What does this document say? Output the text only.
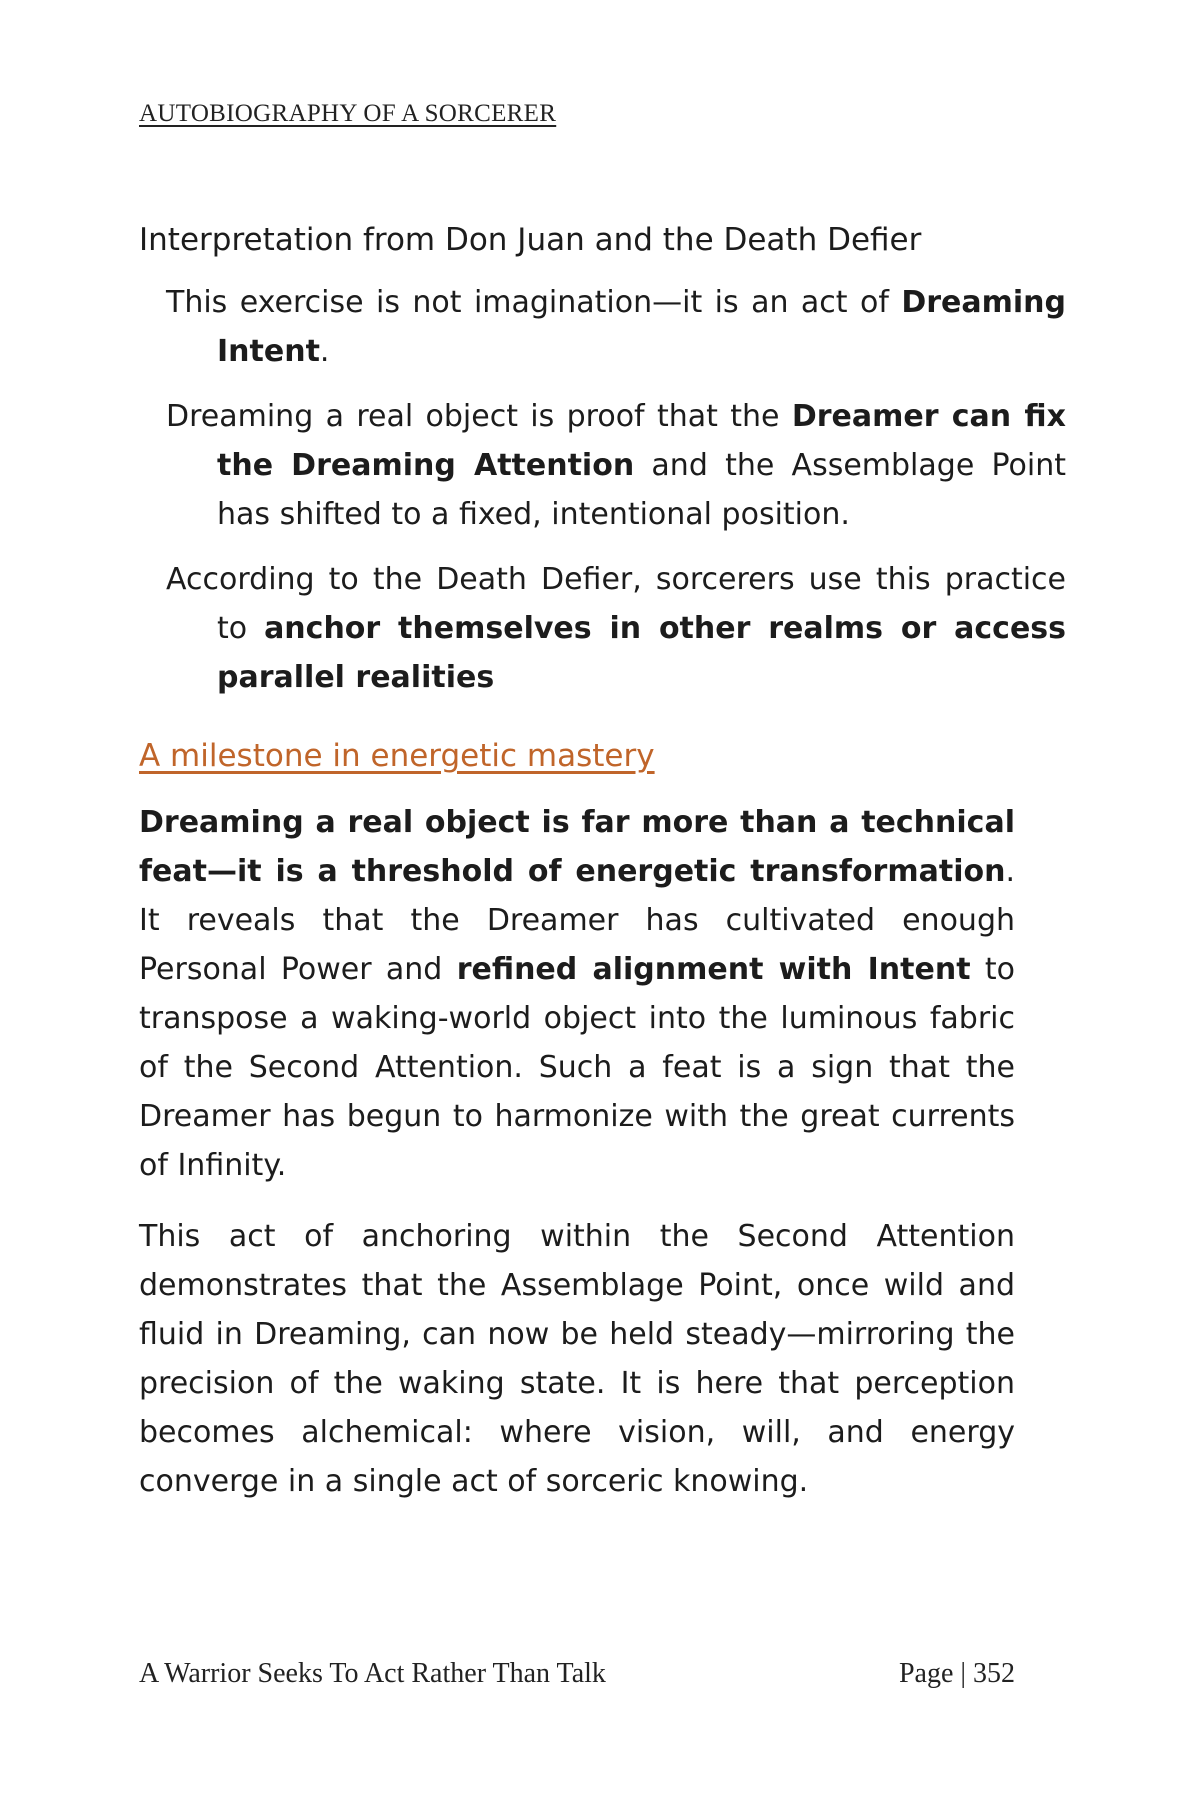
AUTOBIOGRAPHY OF A SORCERER
Interpretation from Don Juan and the Death Defier

This exercise is not imagination—it is an act of Dreaming Intent.

Dreaming a real object is proof that the Dreamer can fix the Dreaming Attention and the Assemblage Point has shifted to a fixed, intentional position.

According to the Death Defier, sorcerers use this practice to anchor themselves in other realms or access parallel realities

A milestone in energetic mastery

Dreaming a real object is far more than a technical feat—it is a threshold of energetic transformation. It reveals that the Dreamer has cultivated enough Personal Power and refined alignment with Intent to transpose a waking-world object into the luminous fabric of the Second Attention. Such a feat is a sign that the Dreamer has begun to harmonize with the great currents of Infinity.

This act of anchoring within the Second Attention demonstrates that the Assemblage Point, once wild and fluid in Dreaming, can now be held steady—mirroring the precision of the waking state. It is here that perception becomes alchemical: where vision, will, and energy converge in a single act of sorceric knowing.

A Warrior Seeks To Act Rather Than Talk	Page | 352
